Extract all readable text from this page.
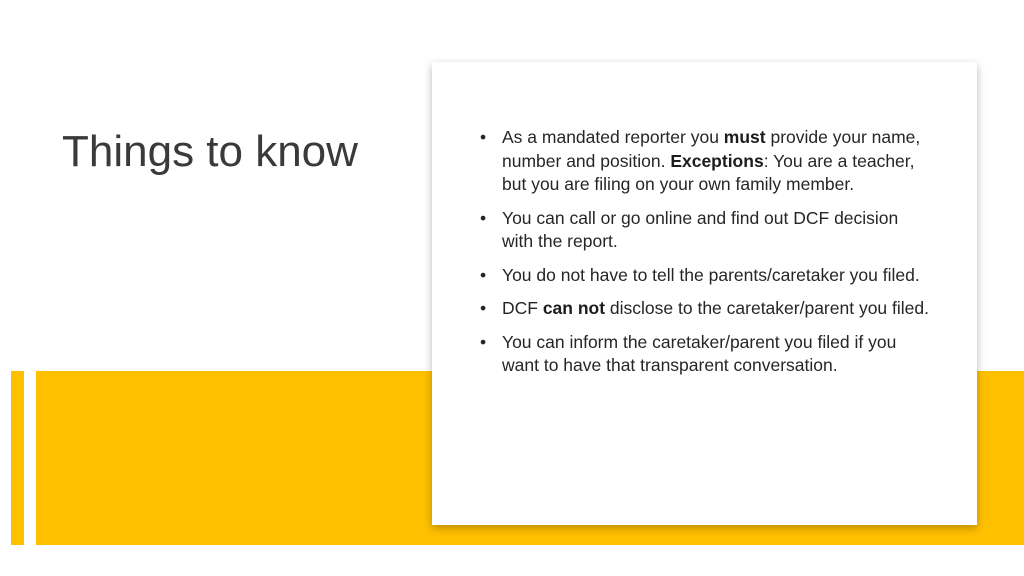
Things to know	• As a mandated reporter you must provide your name, number and position. Exceptions: You are a teacher, but you are filing on your own family member.
• You can call or go online and find out DCF decision with the report.
• You do not have to tell the parents/caretaker you filed.
• DCF can not disclose to the caretaker/parent you filed.
• You can inform the caretaker/parent you filed if you want to have that transparent conversation.
